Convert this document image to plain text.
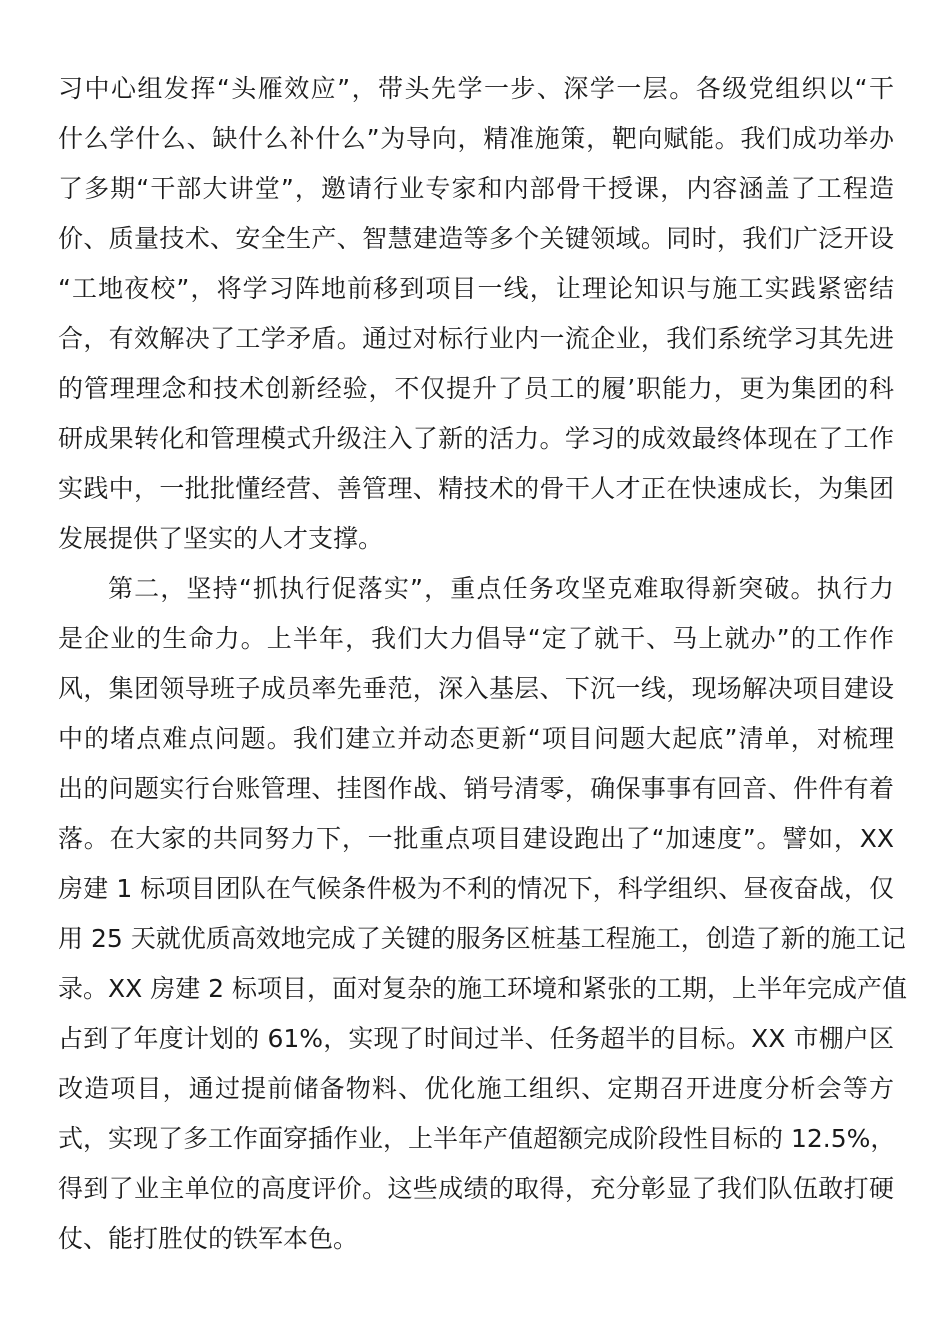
习中心组发挥“头雁效应”，带头先学一步、深学一层。各级党组织以“干
什么学什么、缺什么补什么”为导向，精准施策，靶向赋能。我们成功举办
了多期“干部大讲堂”，邀请行业专家和内部骨干授课，内容涵盖了工程造
价、质量技术、安全生产、智慧建造等多个关键领域。同时，我们广泛开设
“工地夜校”，将学习阵地前移到项目一线，让理论知识与施工实践紧密结
合，有效解决了工学矛盾。通过对标行业内一流企业，我们系统学习其先进
的管理理念和技术创新经验，不仅提升了员工的履’职能力，更为集团的科
研成果转化和管理模式升级注入了新的活力。学习的成效最终体现在了工作
实践中，一批批懂经营、善管理、精技术的骨干人才正在快速成长，为集团
发展提供了坚实的人才支撑。
第二，坚持“抓执行促落实”，重点任务攻坚克难取得新突破。执行力
是企业的生命力。上半年，我们大力倡导“定了就干、马上就办”的工作作
风，集团领导班子成员率先垂范，深入基层、下沉一线，现场解决项目建设
中的堵点难点问题。我们建立并动态更新“项目问题大起底”清单，对梳理
出的问题实行台账管理、挂图作战、销号清零，确保事事有回音、件件有着
落。在大家的共同努力下，一批重点项目建设跑出了“加速度”。譬如，XX
房建 1 标项目团队在气候条件极为不利的情况下，科学组织、昼夜奋战，仅
用 25 天就优质高效地完成了关键的服务区桩基工程施工，创造了新的施工记
录。XX 房建 2 标项目，面对复杂的施工环境和紧张的工期，上半年完成产值
占到了年度计划的 61%，实现了时间过半、任务超半的目标。XX 市棚户区
改造项目，通过提前储备物料、优化施工组织、定期召开进度分析会等方
式，实现了多工作面穿插作业，上半年产值超额完成阶段性目标的 12.5%，
得到了业主单位的高度评价。这些成绩的取得，充分彰显了我们队伍敢打硬
仗、能打胜仗的铁军本色。
